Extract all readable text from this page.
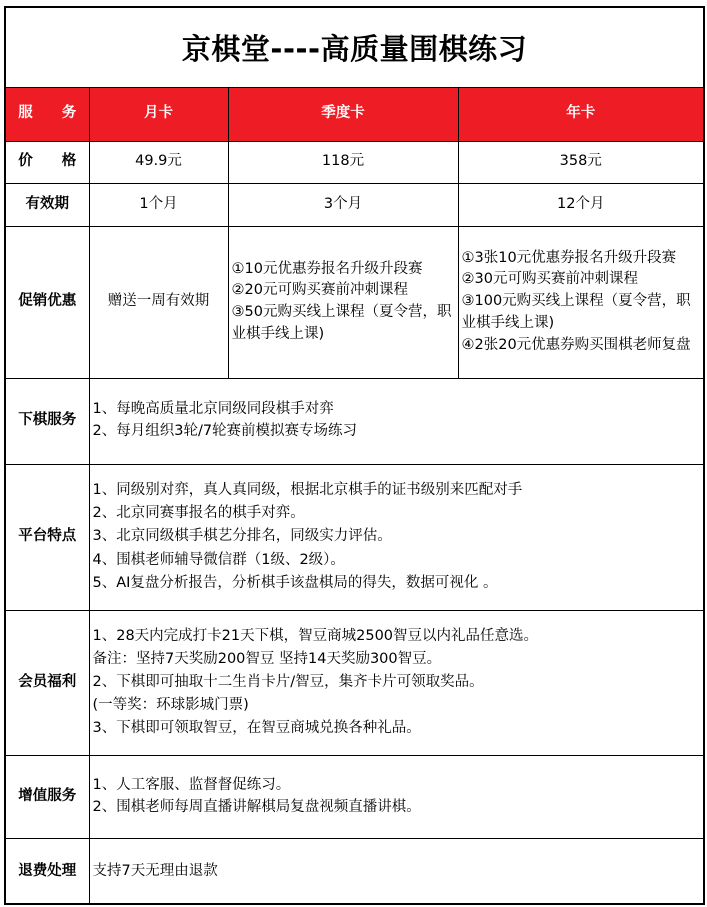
京棋堂----高质量围棋练习
服 务	月卡	季度卡	年卡
价 格	49.9元	118元	358元
有效期	1个月	3个月	12个月
促销优惠	赠送一周有效期	①10元优惠券报名升级升段赛
②20元可购买赛前冲刺课程
③50元购买线上课程（夏令营，职业棋手线上课)	①3张10元优惠券报名升级升段赛
②30元可购买赛前冲刺课程
③100元购买线上课程（夏令营，职业棋手线上课)
④2张20元优惠券购买围棋老师复盘

下棋服务	1、每晚高质量北京同级同段棋手对弈
2、每月组织3轮/7轮赛前模拟赛专场练习		

平台特点	1、同级别对弈，真人真同级，根据北京棋手的证书级别来匹配对手
2、北京同赛事报名的棋手对弈。
3、北京同级棋手棋艺分排名，同级实力评估。
4、围棋老师辅导微信群（1级、2级）。
5、AI复盘分析报告，分析棋手该盘棋局的得失，数据可视化 。		

会员福利	1、28天内完成打卡21天下棋，智豆商城2500智豆以内礼品任意选。
备注：坚持7天奖励200智豆 坚持14天奖励300智豆。
2、下棋即可抽取十二生肖卡片/智豆，集齐卡片可领取奖品。
(一等奖：环球影城门票)
3、下棋即可领取智豆，在智豆商城兑换各种礼品。		

增值服务	1、人工客服、监督督促练习。
2、围棋老师每周直播讲解棋局复盘视频直播讲棋。		

退费处理	支持7天无理由退款		
